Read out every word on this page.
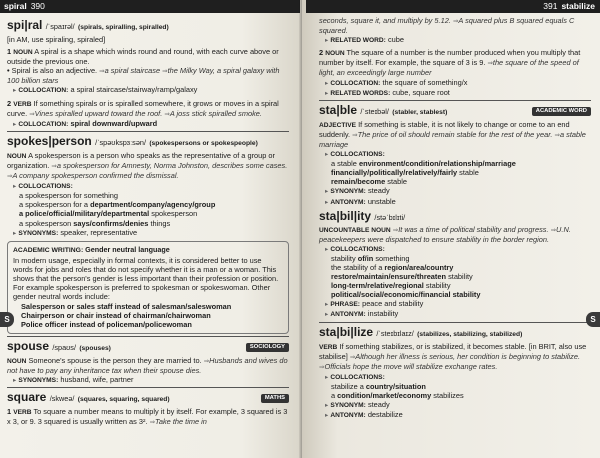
spiral 390
spi|ral /ˈspaɪrəl/ (spirals, spiralling, spiralled)
[in AM, use spiraling, spiraled]
1 NOUN A spiral is a shape which winds round and round, with each curve above or outside the previous one.
• Spiral is also an adjective. ⇒a spiral staircase ⇒the Milky Way, a spiral galaxy with 100 billion stars
▸ COLLOCATION: a spiral staircase/stairway/ramp/galaxy
2 VERB If something spirals or is spiralled somewhere, it grows or moves in a spiral curve. ⇒Vines spiralled upward toward the roof. ⇒A joss stick spiralled smoke.
▸ COLLOCATION: spiral downward/upward
spokes|person /ˈspəʊkspɜːsən/ (spokespersons or spokespeople)
NOUN A spokesperson is a person who speaks as the representative of a group or organization. ⇒a spokesperson for Amnesty, Norma Johnston, describes some cases. ⇒A company spokesperson confirmed the dismissal.
▸ COLLOCATIONS:
a spokesperson for something
a spokesperson for a department/company/agency/group
a police/official/military/departmental spokesperson
a spokesperson says/confirms/denies things
▸ SYNONYMS: speaker, representative
ACADEMIC WRITING: Gender neutral language
In modern usage, especially in formal contexts, it is considered better to use words for jobs and roles that do not specify whether it is a man or a woman. This shows that the person's gender is less important than their profession or position. For example spokesperson is preferred to spokesman or spokeswoman. Other gender neutral words include:
Salesperson or sales staff instead of salesman/saleswoman
Chairperson or chair instead of chairman/chairwoman
Police officer instead of policeman/policewoman
SOCIOLOGY
spouse /spaʊs/ (spouses)
NOUN Someone's spouse is the person they are married to. ⇒Husbands and wives do not have to pay any inheritance tax when their spouse dies.
▸ SYNONYMS: husband, wife, partner
MATHS
square /skweə/ (squares, squaring, squared)
1 VERB To square a number means to multiply it by itself. For example, 3 squared is 3 x 3, or 9. 3 squared is usually written as 3². ⇒Take the time in
S
391 stabilize
seconds, square it, and multiply by 5.12. ⇒A squared plus B squared equals C squared.
▸ RELATED WORD: cube
2 NOUN The square of a number is the number produced when you multiply that number by itself. For example, the square of 3 is 9. ⇒the square of the speed of light, an exceedingly large number
▸ COLLOCATION: the square of something/x
▸ RELATED WORDS: cube, square root
ACADEMIC WORD
sta|ble /ˈsteɪbəl/ (stabler, stablest)
ADJECTIVE If something is stable, it is not likely to change or come to an end suddenly. ⇒The price of oil should remain stable for the rest of the year. ⇒a stable marriage
▸ COLLOCATIONS:
a stable environment/condition/relationship/marriage
financially/politically/relatively/fairly stable
remain/become stable
▸ SYNONYM: steady
▸ ANTONYM: unstable
sta|bil|ity /stəˈbɪlɪti/
UNCOUNTABLE NOUN ⇒It was a time of political stability and progress. ⇒U.N. peacekeepers were dispatched to ensure stability in the border region.
▸ COLLOCATIONS:
stability of/in something
the stability of a region/area/country
restore/maintain/ensure/threaten stability
long-term/relative/regional stability
political/social/economic/financial stability
▸ PHRASE: peace and stability
▸ ANTONYM: instability
sta|bi|lize /ˈsteɪbɪlaɪz/ (stabilizes, stabilizing, stabilized)
VERB If something stabilizes, or is stabilized, it becomes stable. [in BRIT, also use stabilise] ⇒Although her illness is serious, her condition is beginning to stabilize. ⇒Officials hope the move will stabilize exchange rates.
▸ COLLOCATIONS:
stabilize a country/situation
a condition/market/economy stabilizes
▸ SYNONYM: steady
▸ ANTONYM: destabilize
S
